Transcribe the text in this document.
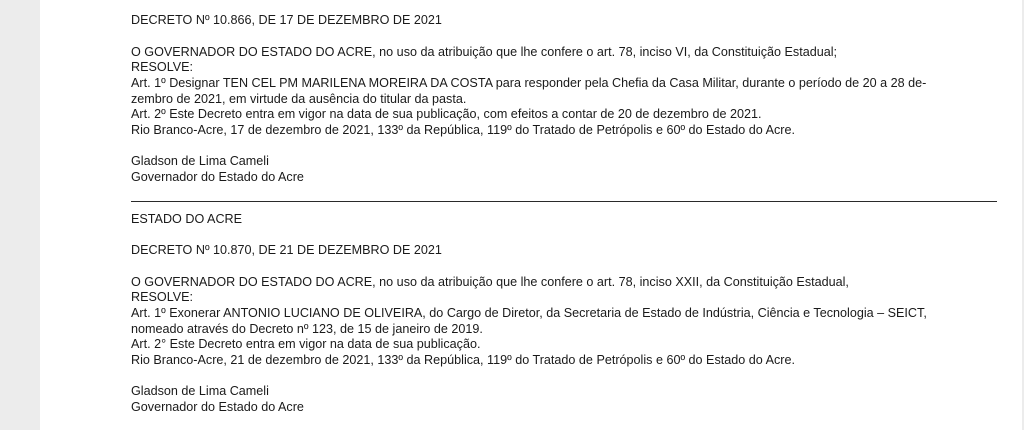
DECRETO Nº 10.866, DE 17 DE DEZEMBRO DE 2021

O GOVERNADOR DO ESTADO DO ACRE, no uso da atribuição que lhe confere o art. 78, inciso VI, da Constituição Estadual;

RESOLVE:

Art. 1º Designar TEN CEL PM MARILENA MOREIRA DA COSTA para responder pela Chefia da Casa Militar, durante o período de 20 a 28 de-

zembro de 2021, em virtude da ausência do titular da pasta.

Art. 2º Este Decreto entra em vigor na data de sua publicação, com efeitos a contar de 20 de dezembro de 2021.

Rio Branco-Acre, 17 de dezembro de 2021, 133º da República, 119º do Tratado de Petrópolis e 60º do Estado do Acre.

Gladson de Lima Cameli

Governador do Estado do Acre

ESTADO DO ACRE

DECRETO Nº 10.870, DE 21 DE DEZEMBRO DE 2021

O GOVERNADOR DO ESTADO DO ACRE, no uso da atribuição que lhe confere o art. 78, inciso XXII, da Constituição Estadual,

RESOLVE:

Art. 1º Exonerar ANTONIO LUCIANO DE OLIVEIRA, do Cargo de Diretor, da Secretaria de Estado de Indústria, Ciência e Tecnologia – SEICT,

nomeado através do Decreto nº 123, de 15 de janeiro de 2019.

Art. 2° Este Decreto entra em vigor na data de sua publicação.

Rio Branco-Acre, 21 de dezembro de 2021, 133º da República, 119º do Tratado de Petrópolis e 60º do Estado do Acre.

Gladson de Lima Cameli

Governador do Estado do Acre
